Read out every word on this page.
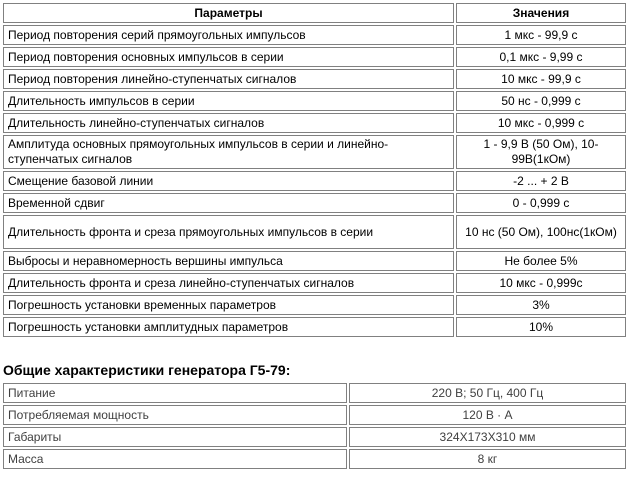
Параметры	Значения
Период повторения серий прямоугольных импульсов	1 мкс - 99,9 с
Период повторения основных импульсов в серии	0,1 мкс - 9,99 с
Период повторения линейно-ступенчатых сигналов	10 мкс - 99,9 с
Длительность импульсов в серии	50 нс - 0,999 с
Длительность линейно-ступенчатых сигналов	10 мкс - 0,999 с
Амплитуда основных прямоугольных импульсов в серии и линейно-ступенчатых сигналов	1 - 9,9 В (50 Ом), 10-99В(1кОм)
Смещение базовой линии	-2 ... + 2 В
Временной сдвиг	0 - 0,999 с
Длительность фронта и среза прямоугольных импульсов в серии	10 нс (50 Ом), 100нс(1кОм)
Выбросы и неравномерность вершины импульса	Не более 5%
Длительность фронта и среза линейно-ступенчатых сигналов	10 мкс - 0,999с
Погрешность установки временных параметров	3%
Погрешность установки амплитудных параметров	10%
Общие характеристики генератора Г5-79:
Питание	220 В; 50 Гц, 400 Гц
Потребляемая мощность	120 В · А
Габариты	324Х173Х310 мм
Масса	8 кг
